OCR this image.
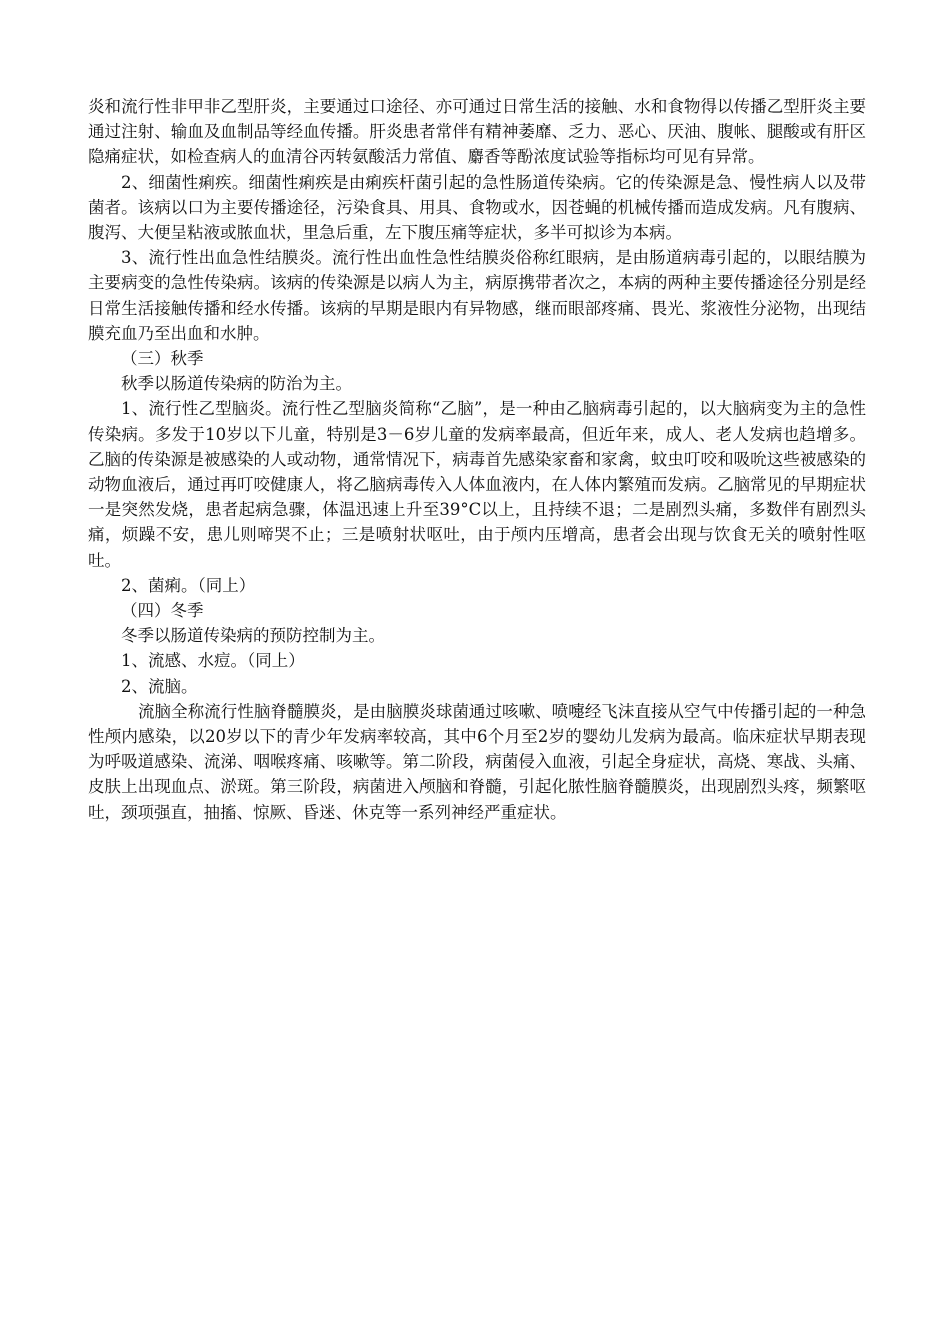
炎和流行性非甲非乙型肝炎，主要通过口途径、亦可通过日常生活的接触、水和食物得以传播乙型肝炎主要通过注射、输血及血制品等经血传播。肝炎患者常伴有精神萎靡、乏力、恶心、厌油、腹帐、腿酸或有肝区隐痛症状，如检查病人的血清谷丙转氨酸活力常值、麝香等酚浓度试验等指标均可见有异常。

2、细菌性痢疾。细菌性痢疾是由痢疾杆菌引起的急性肠道传染病。它的传染源是急、慢性病人以及带菌者。该病以口为主要传播途径，污染食具、用具、食物或水，因苍蝇的机械传播而造成发病。凡有腹病、腹泻、大便呈粘液或脓血状，里急后重，左下腹压痛等症状，多半可拟诊为本病。

3、流行性出血急性结膜炎。流行性出血性急性结膜炎俗称红眼病，是由肠道病毒引起的，以眼结膜为主要病变的急性传染病。该病的传染源是以病人为主，病原携带者次之，本病的两种主要传播途径分别是经日常生活接触传播和经水传播。该病的早期是眼内有异物感，继而眼部疼痛、畏光、浆液性分泌物，出现结膜充血乃至出血和水肿。

（三）秋季

秋季以肠道传染病的防治为主。

1、流行性乙型脑炎。流行性乙型脑炎简称“乙脑”，是一种由乙脑病毒引起的，以大脑病变为主的急性传染病。多发于10岁以下儿童，特别是3－6岁儿童的发病率最高，但近年来，成人、老人发病也趋增多。乙脑的传染源是被感染的人或动物，通常情况下，病毒首先感染家畜和家禽，蚊虫叮咬和吸吮这些被感染的动物血液后，通过再叮咬健康人，将乙脑病毒传入人体血液内，在人体内繁殖而发病。乙脑常见的早期症状一是突然发烧，患者起病急骤，体温迅速上升至39°C以上，且持续不退；二是剧烈头痛，多数伴有剧烈头痛，烦躁不安，患儿则啼哭不止；三是喷射状呕吐，由于颅内压增高，患者会出现与饮食无关的喷射性呕吐。

2、菌痢。（同上）

（四）冬季

冬季以肠道传染病的预防控制为主。

1、流感、水痘。（同上）

2、流脑。

流脑全称流行性脑脊髓膜炎，是由脑膜炎球菌通过咳嗽、喷嚏经飞沫直接从空气中传播引起的一种急性颅内感染，以20岁以下的青少年发病率较高，其中6个月至2岁的婴幼儿发病为最高。临床症状早期表现为呼吸道感染、流涕、咽喉疼痛、咳嗽等。第二阶段，病菌侵入血液，引起全身症状，高烧、寒战、头痛、皮肤上出现血点、淤斑。第三阶段，病菌进入颅脑和脊髓，引起化脓性脑脊髓膜炎，出现剧烈头疼，频繁呕吐，颈项强直，抽搐、惊厥、昏迷、休克等一系列神经严重症状。
